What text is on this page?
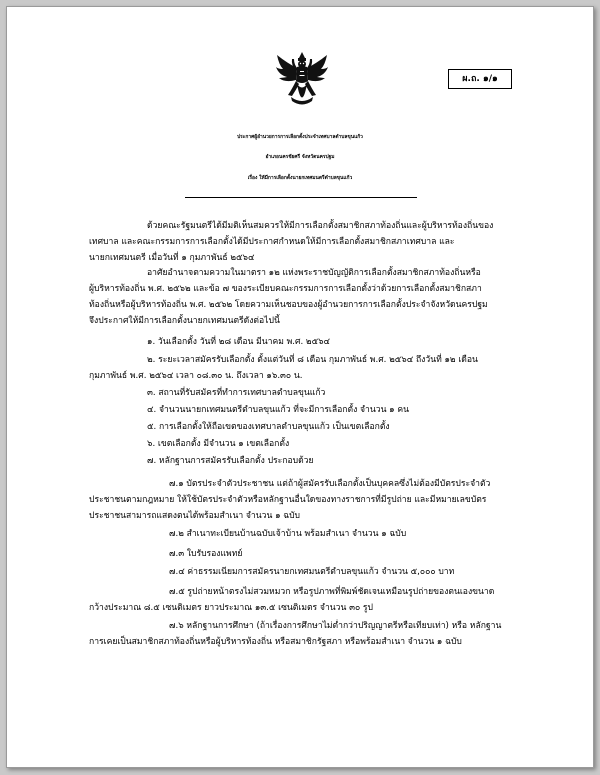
ผ.ถ. ๑/๑
ประกาศผู้อำนวยการการเลือกตั้งประจำเทศบาลตำบลขุนแก้ว
อำเภอนครชัยศรี จังหวัดนครปฐม
เรื่อง ให้มีการเลือกตั้งนายกเทศมนตรีตำบลขุนแก้ว
ด้วยคณะรัฐมนตรีได้มีมติเห็นสมควรให้มีการเลือกตั้งสมาชิกสภาท้องถิ่นและผู้บริหารท้องถิ่นของ
เทศบาล และคณะกรรมการการเลือกตั้งได้มีประกาศกำหนดให้มีการเลือกตั้งสมาชิกสภาเทศบาล และ
นายกเทศมนตรี เมื่อวันที่ ๑ กุมภาพันธ์ ๒๕๖๔
อาศัยอำนาจตามความในมาตรา ๑๒ แห่งพระราชบัญญัติการเลือกตั้งสมาชิกสภาท้องถิ่นหรือ
ผู้บริหารท้องถิ่น พ.ศ. ๒๕๖๒ และข้อ ๗ ของระเบียบคณะกรรมการการเลือกตั้งว่าด้วยการเลือกตั้งสมาชิกสภา
ท้องถิ่นหรือผู้บริหารท้องถิ่น พ.ศ. ๒๕๖๒ โดยความเห็นชอบของผู้อำนวยการการเลือกตั้งประจำจังหวัดนครปฐม
จึงประกาศให้มีการเลือกตั้งนายกเทศมนตรีดังต่อไปนี้
๑. วันเลือกตั้ง วันที่ ๒๘ เดือน มีนาคม พ.ศ. ๒๕๖๔
๒. ระยะเวลาสมัครรับเลือกตั้ง ตั้งแต่วันที่ ๘ เดือน กุมภาพันธ์ พ.ศ. ๒๕๖๔ ถึงวันที่ ๑๒ เดือน
กุมภาพันธ์ พ.ศ. ๒๕๖๔ เวลา ๐๘.๓๐ น. ถึงเวลา ๑๖.๓๐ น.
๓. สถานที่รับสมัครที่ทำการเทศบาลตำบลขุนแก้ว
๔. จำนวนนายกเทศมนตรีตำบลขุนแก้ว ที่จะมีการเลือกตั้ง จำนวน ๑ คน
๕. การเลือกตั้งให้ถือเขตของเทศบาลตำบลขุนแก้ว เป็นเขตเลือกตั้ง
๖. เขตเลือกตั้ง มีจำนวน ๑ เขตเลือกตั้ง
๗. หลักฐานการสมัครรับเลือกตั้ง ประกอบด้วย
๗.๑ บัตรประจำตัวประชาชน แต่ถ้าผู้สมัครรับเลือกตั้งเป็นบุคคลซึ่งไม่ต้องมีบัตรประจำตัว
ประชาชนตามกฎหมาย ให้ใช้บัตรประจำตัวหรือหลักฐานอื่นใดของทางราชการที่มีรูปถ่าย และมีหมายเลขบัตร
ประชาชนสามารถแสดงตนได้พร้อมสำเนา จำนวน ๑ ฉบับ
๗.๒ สำเนาทะเบียนบ้านฉบับเจ้าบ้าน พร้อมสำเนา จำนวน ๑ ฉบับ
๗.๓ ใบรับรองแพทย์
๗.๔ ค่าธรรมเนียมการสมัครนายกเทศมนตรีตำบลขุนแก้ว จำนวน ๕,๐๐๐ บาท
๗.๕ รูปถ่ายหน้าตรงไม่สวมหมวก หรือรูปภาพที่พิมพ์ชัดเจนเหมือนรูปถ่ายของตนเองขนาด
กว้างประมาณ ๘.๕ เซนติเมตร ยาวประมาณ ๑๓.๕ เซนติเมตร จำนวน ๓๐ รูป
๗.๖ หลักฐานการศึกษา (ถ้าเรื่องการศึกษาไม่ต่ำกว่าปริญญาตรีหรือเทียบเท่า) หรือ หลักฐาน
การเคยเป็นสมาชิกสภาท้องถิ่นหรือผู้บริหารท้องถิ่น หรือสมาชิกรัฐสภา หรือพร้อมสำเนา จำนวน ๑ ฉบับ
